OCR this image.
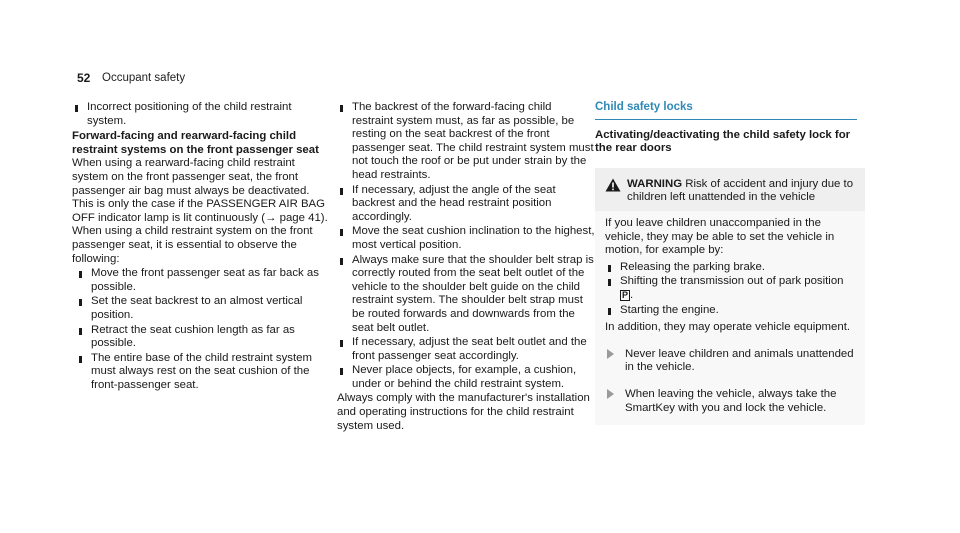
52	Occupant safety
Incorrect positioning of the child restraint system.
Forward-facing and rearward-facing child restraint systems on the front passenger seat

When using a rearward-facing child restraint system on the front passenger seat, the front passenger air bag must always be deactivated. This is only the case if the PASSENGER AIR BAG OFF indicator lamp is lit continuously (→ page 41).

When using a child restraint system on the front passenger seat, it is essential to observe the following:

Move the front passenger seat as far back as possible.
Set the seat backrest to an almost vertical position.
Retract the seat cushion length as far as possible.
The entire base of the child restraint system must always rest on the seat cushion of the front-passenger seat.
The backrest of the forward-facing child restraint system must, as far as possible, be resting on the seat backrest of the front passenger seat. The child restraint system must not touch the roof or be put under strain by the head restraints.
If necessary, adjust the angle of the seat backrest and the head restraint position accordingly.
Move the seat cushion inclination to the highest, most vertical position.
Always make sure that the shoulder belt strap is correctly routed from the seat belt outlet of the vehicle to the shoulder belt guide on the child restraint system. The shoulder belt strap must be routed forwards and downwards from the seat belt outlet.
If necessary, adjust the seat belt outlet and the front passenger seat accordingly.
Never place objects, for example, a cushion, under or behind the child restraint system.

Always comply with the manufacturer's installation and operating instructions for the child restraint system used.

Child safety locks
Activating/deactivating the child safety lock for the rear doors
WARNING Risk of accident and injury due to children left unattended in the vehicle

If you leave children unaccompanied in the vehicle, they may be able to set the vehicle in motion, for example by:

Releasing the parking brake.
Shifting the transmission out of park position P .
Starting the engine.

In addition, they may operate vehicle equipment.

Never leave children and animals unattended in the vehicle.
When leaving the vehicle, always take the SmartKey with you and lock the vehicle.
